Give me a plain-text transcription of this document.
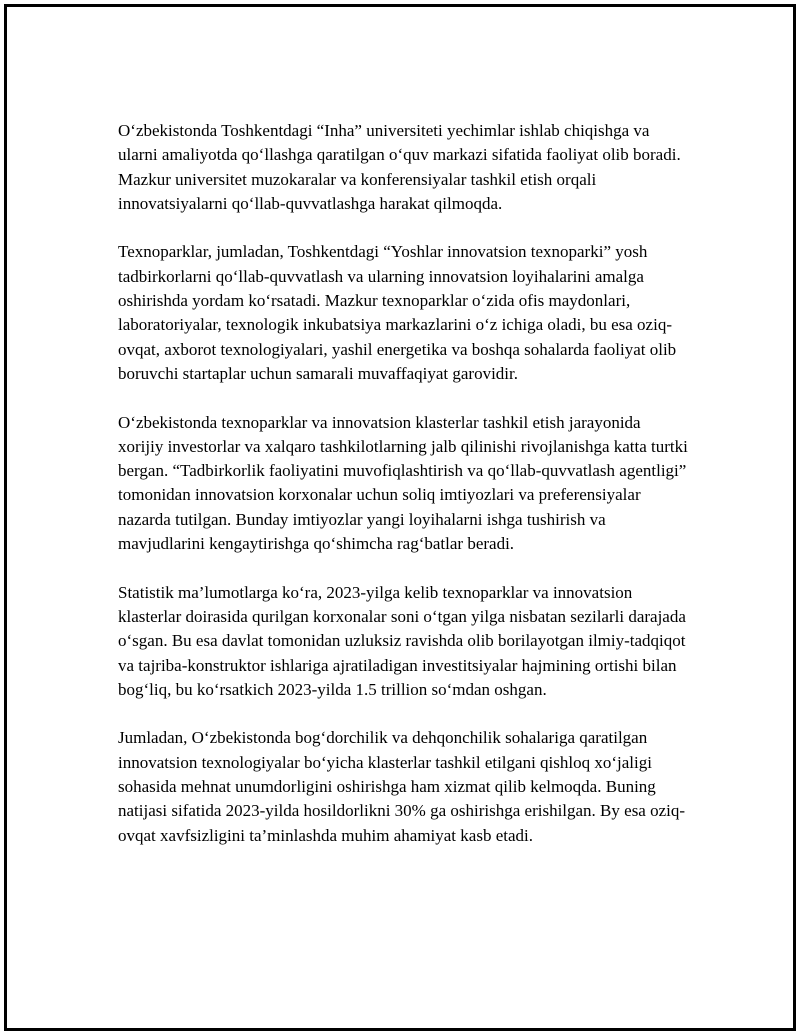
O‘zbekistonda Toshkentdagi “Inha” universiteti yechimlar ishlab chiqishga va ularni amaliyotda qo‘llashga qaratilgan o‘quv markazi sifatida faoliyat olib boradi. Mazkur universitet muzokaralar va konferensiyalar tashkil etish orqali innovatsiyalarni qo‘llab-quvvatlashga harakat qilmoqda.

Texnoparklar, jumladan, Toshkentdagi “Yoshlar innovatsion texnoparki” yosh tadbirkorlarni qo‘llab-quvvatlash va ularning innovatsion loyihalarini amalga oshirishda yordam ko‘rsatadi. Mazkur texnoparklar o‘zida ofis maydonlari, laboratoriyalar, texnologik inkubatsiya markazlarini o‘z ichiga oladi, bu esa oziq-ovqat, axborot texnologiyalari, yashil energetika va boshqa sohalarda faoliyat olib boruvchi startaplar uchun samarali muvaffaqiyat garovidir.

O‘zbekistonda texnoparklar va innovatsion klasterlar tashkil etish jarayonida xorijiy investorlar va xalqaro tashkilotlarning jalb qilinishi rivojlanishga katta turtki bergan. “Tadbirkorlik faoliyatini muvofiqlashtirish va qo‘llab-quvvatlash agentligi” tomonidan innovatsion korxonalar uchun soliq imtiyozlari va preferensiyalar nazarda tutilgan. Bunday imtiyozlar yangi loyihalarni ishga tushirish va mavjudlarini kengaytirishga qo‘shimcha rag‘batlar beradi.

Statistik ma’lumotlarga ko‘ra, 2023-yilga kelib texnoparklar va innovatsion klasterlar doirasida qurilgan korxonalar soni o‘tgan yilga nisbatan sezilarli darajada o‘sgan. Bu esa davlat tomonidan uzluksiz ravishda olib borilayotgan ilmiy-tadqiqot va tajriba-konstruktor ishlariga ajratiladigan investitsiyalar hajmining ortishi bilan bog‘liq, bu ko‘rsatkich 2023-yilda 1.5 trillion so‘mdan oshgan.

Jumladan, O‘zbekistonda bog‘dorchilik va dehqonchilik sohalariga qaratilgan innovatsion texnologiyalar bo‘yicha klasterlar tashkil etilgani qishloq xo‘jaligi sohasida mehnat unumdorligini oshirishga ham xizmat qilib kelmoqda. Buning natijasi sifatida 2023-yilda hosildorlikni 30% ga oshirishga erishilgan. By esa oziq-ovqat xavfsizligini ta’minlashda muhim ahamiyat kasb etadi.
